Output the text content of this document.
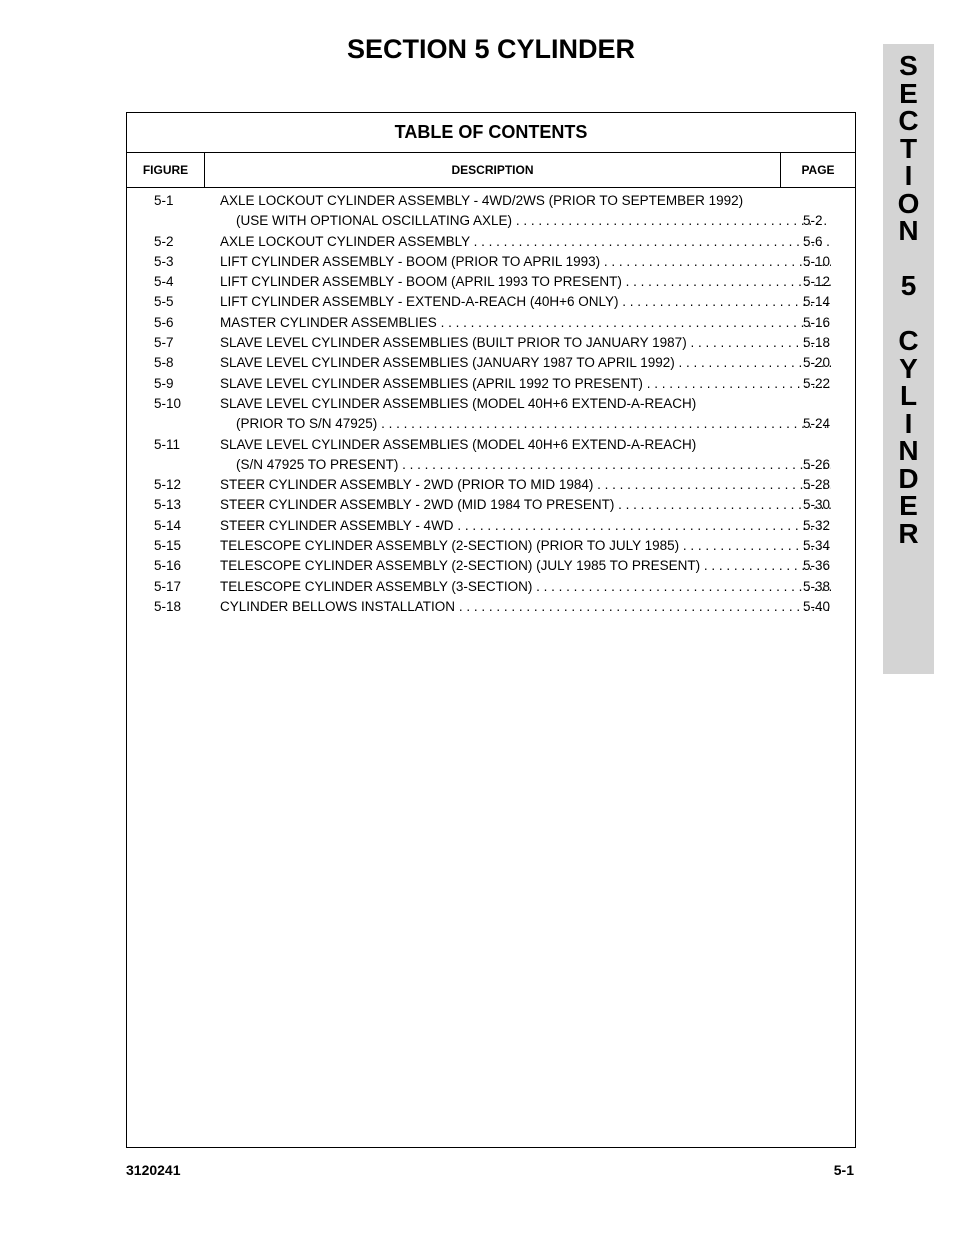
SECTION 5 CYLINDER
S
E
C
T
I
O
N
5
C
Y
L
I
N
D
E
R
TABLE OF CONTENTS
FIGURE	DESCRIPTION	PAGE
5-1	AXLE LOCKOUT CYLINDER ASSEMBLY - 4WD/2WS (PRIOR TO SEPTEMBER 1992)
(USE WITH OPTIONAL OSCILLATING AXLE) . . .	5-2
5-2	AXLE LOCKOUT CYLINDER ASSEMBLY . . .	5-6
5-3	LIFT CYLINDER ASSEMBLY - BOOM (PRIOR TO APRIL 1993) . . .	5-10
5-4	LIFT CYLINDER ASSEMBLY - BOOM (APRIL 1993 TO PRESENT) . . .	5-12
5-5	LIFT CYLINDER ASSEMBLY - EXTEND-A-REACH (40H+6 ONLY) . . .	5-14
5-6	MASTER CYLINDER ASSEMBLIES . . .	5-16
5-7	SLAVE LEVEL CYLINDER ASSEMBLIES (BUILT PRIOR TO JANUARY 1987) . . .	5-18
5-8	SLAVE LEVEL CYLINDER ASSEMBLIES (JANUARY 1987 TO APRIL 1992) . . .	5-20
5-9	SLAVE LEVEL CYLINDER ASSEMBLIES (APRIL 1992 TO PRESENT) . . .	5-22
5-10	SLAVE LEVEL CYLINDER ASSEMBLIES (MODEL 40H+6 EXTEND-A-REACH)
(PRIOR TO S/N 47925) . . .	5-24
5-11	SLAVE LEVEL CYLINDER ASSEMBLIES (MODEL 40H+6 EXTEND-A-REACH)
(S/N 47925 TO PRESENT) . . .	5-26
5-12	STEER CYLINDER ASSEMBLY - 2WD (PRIOR TO MID 1984) . . .	5-28
5-13	STEER CYLINDER ASSEMBLY - 2WD (MID 1984 TO PRESENT) . . .	5-30
5-14	STEER CYLINDER ASSEMBLY - 4WD . . .	5-32
5-15	TELESCOPE CYLINDER ASSEMBLY (2-SECTION) (PRIOR TO JULY 1985) . . .	5-34
5-16	TELESCOPE CYLINDER ASSEMBLY (2-SECTION) (JULY 1985 TO PRESENT) . . .	5-36
5-17	TELESCOPE CYLINDER ASSEMBLY (3-SECTION) . . .	5-38
5-18	CYLINDER BELLOWS INSTALLATION . . .	5-40
3120241	5-1
